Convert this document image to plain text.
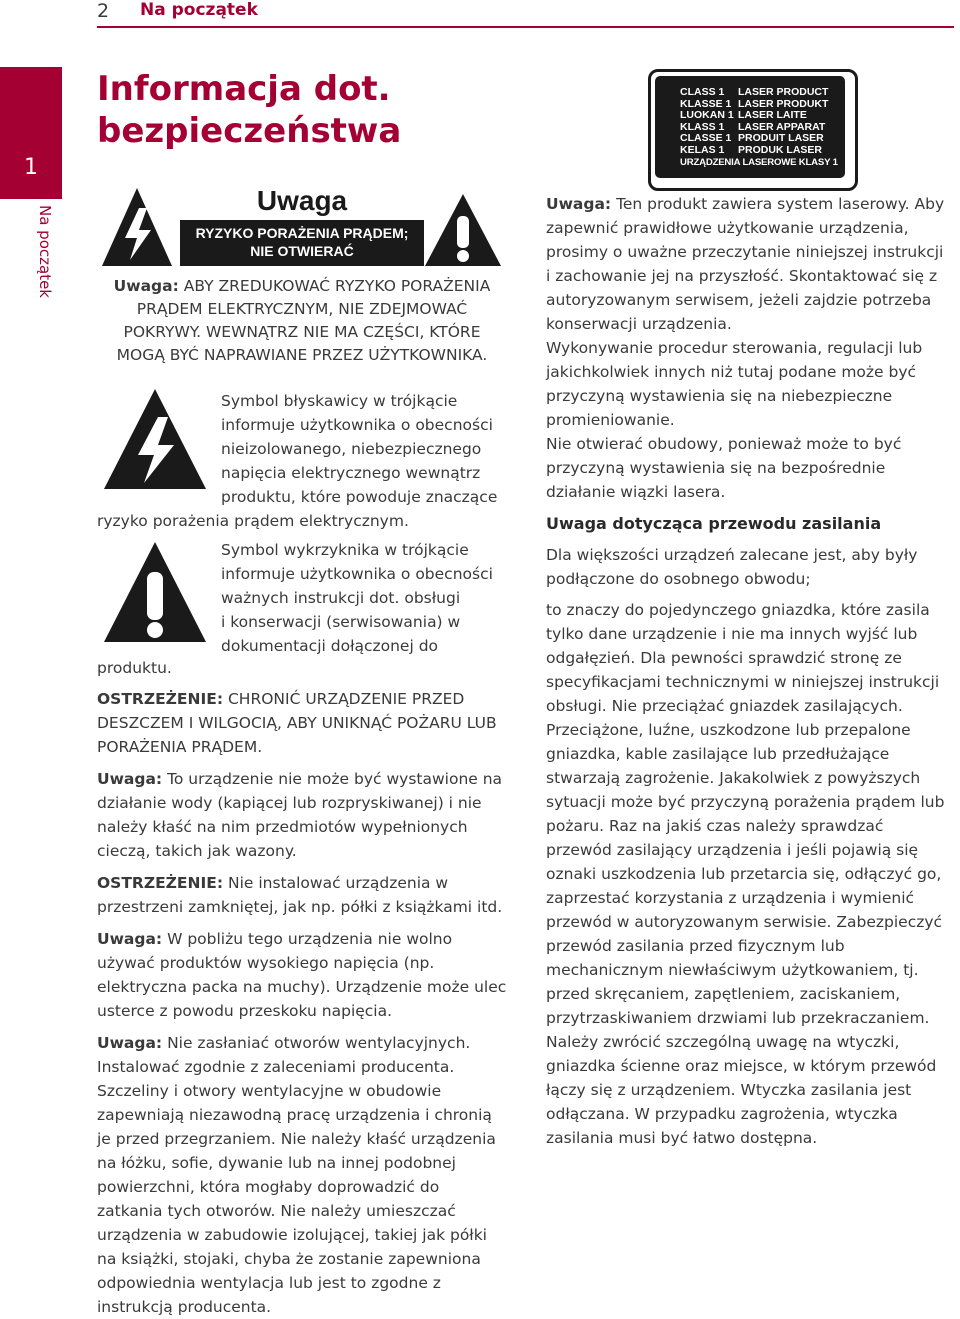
2 Na początek
1
Na początek
Informacja dot. bezpieczeństwa
Uwaga
RYZYKO PORAŻENIA PRĄDEM;
NIE OTWIERAĆ
Uwaga: ABY ZREDUKOWAĆ RYZYKO PORAŻENIA PRĄDEM ELEKTRYCZNYM, NIE ZDEJMOWAĆ POKRYWY. WEWNĄTRZ NIE MA CZĘŚCI, KTÓRE MOGĄ BYĆ NAPRAWIANE PRZEZ UŻYTKOWNIKA.
Symbol błyskawicy w trójkącie
informuje użytkownika o obecności
nieizolowanego, niebezpiecznego
napięcia elektrycznego wewnątrz
produktu, które powoduje znaczące
ryzyko porażenia prądem elektrycznym.
Symbol wykrzyknika w trójkącie
informuje użytkownika o obecności
ważnych instrukcji dot. obsługi
i konserwacji (serwisowania) w
dokumentacji dołączonej do
produktu.

OSTRZEŻENIE: CHRONIĆ URZĄDZENIE PRZED DESZCZEM I WILGOCIĄ, ABY UNIKNĄĆ POŻARU LUB PORAŻENIA PRĄDEM.

Uwaga: To urządzenie nie może być wystawione na działanie wody (kapiącej lub rozpryskiwanej) i nie należy kłaść na nim przedmiotów wypełnionych cieczą, takich jak wazony.

OSTRZEŻENIE: Nie instalować urządzenia w przestrzeni zamkniętej, jak np. półki z książkami itd.

Uwaga: W pobliżu tego urządzenia nie wolno używać produktów wysokiego napięcia (np. elektryczna packa na muchy). Urządzenie może ulec usterce z powodu przeskoku napięcia.

Uwaga: Nie zasłaniać otworów wentylacyjnych. Instalować zgodnie z zaleceniami producenta. Szczeliny i otwory wentylacyjne w obudowie zapewniają niezawodną pracę urządzenia i chronią je przed przegrzaniem. Nie należy kłaść urządzenia na łóżku, sofie, dywanie lub na innej podobnej powierzchni, która mogłaby doprowadzić do zatkania tych otworów. Nie należy umieszczać urządzenia w zabudowie izolującej, takiej jak półki na książki, stojaki, chyba że zostanie zapewniona odpowiednia wentylacja lub jest to zgodne z instrukcją producenta.

CLASS 1 LASER PRODUCT
KLASSE 1 LASER PRODUKT
LUOKAN 1 LASER LAITE
KLASS 1 LASER APPARAT
CLASSE 1 PRODUIT LASER
KELAS 1 PRODUK LASER
URZĄDZENIA LASEROWE KLASY 1

Uwaga: Ten produkt zawiera system laserowy. Aby zapewnić prawidłowe użytkowanie urządzenia, prosimy o uważne przeczytanie niniejszej instrukcji i zachowanie jej na przyszłość. Skontaktować się z autoryzowanym serwisem, jeżeli zajdzie potrzeba konserwacji urządzenia.

Wykonywanie procedur sterowania, regulacji lub jakichkolwiek innych niż tutaj podane może być przyczyną wystawienia się na niebezpieczne promieniowanie.

Nie otwierać obudowy, ponieważ może to być przyczyną wystawienia się na bezpośrednie działanie wiązki lasera.

Uwaga dotycząca przewodu zasilania

Dla większości urządzeń zalecane jest, aby były podłączone do osobnego obwodu;

to znaczy do pojedynczego gniazdka, które zasila tylko dane urządzenie i nie ma innych wyjść lub odgałęzień. Dla pewności sprawdzić stronę ze specyfikacjami technicznymi w niniejszej instrukcji obsługi. Nie przeciążać gniazdek zasilających. Przeciążone, luźne, uszkodzone lub przepalone gniazdka, kable zasilające lub przedłużające stwarzają zagrożenie. Jakakolwiek z powyższych sytuacji może być przyczyną porażenia prądem lub pożaru. Raz na jakiś czas należy sprawdzać przewód zasilający urządzenia i jeśli pojawią się oznaki uszkodzenia lub przetarcia się, odłączyć go, zaprzestać korzystania z urządzenia i wymienić przewód w autoryzowanym serwisie. Zabezpieczyć przewód zasilania przed fizycznym lub mechanicznym niewłaściwym użytkowaniem, tj. przed skręcaniem, zapętleniem, zaciskaniem, przytrzaskiwaniem drzwiami lub przekraczaniem. Należy zwrócić szczególną uwagę na wtyczki, gniazdka ścienne oraz miejsce, w którym przewód łączy się z urządzeniem. Wtyczka zasilania jest odłączana. W przypadku zagrożenia, wtyczka zasilania musi być łatwo dostępna.
